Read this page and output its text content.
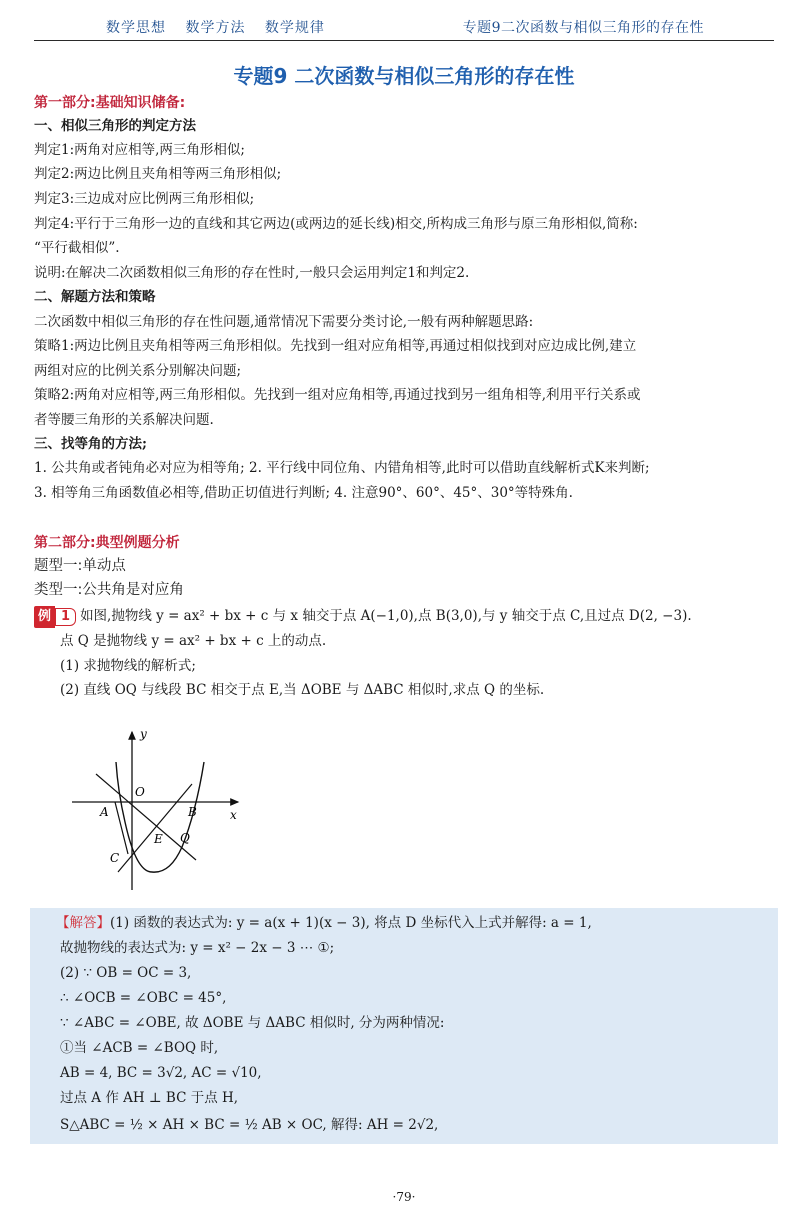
数学思想 数学方法 数学规律	专题9二次函数与相似三角形的存在性
专题9 二次函数与相似三角形的存在性
第一部分:基础知识储备:
一、相似三角形的判定方法
判定1:两角对应相等,两三角形相似;
判定2:两边比例且夹角相等两三角形相似;
判定3:三边成对应比例两三角形相似;
判定4:平行于三角形一边的直线和其它两边(或两边的延长线)相交,所构成三角形与原三角形相似,简称:
“平行截相似”.
说明:在解决二次函数相似三角形的存在性时,一般只会运用判定1和判定2.
二、解题方法和策略
二次函数中相似三角形的存在性问题,通常情况下需要分类讨论,一般有两种解题思路:
策略1:两边比例且夹角相等两三角形相似。先找到一组对应角相等,再通过相似找到对应边成比例,建立
两组对应的比例关系分别解决问题;
策略2:两角对应相等,两三角形相似。先找到一组对应角相等,再通过找到另一组角相等,利用平行关系或
者等腰三角形的关系解决问题.
三、找等角的方法;
1. 公共角或者钝角必对应为相等角; 2. 平行线中同位角、内错角相等,此时可以借助直线解析式K来判断;
3. 相等角三角函数值必相等,借助正切值进行判断; 4. 注意90°、60°、45°、30°等特殊角.
第二部分:典型例题分析
题型一:单动点
类型一:公共角是对应角
例 1 如图,抛物线 y = ax² + bx + c 与 x 轴交于点 A(−1,0),点 B(3,0),与 y 轴交于点 C,且过点 D(2, −3).
点 Q 是抛物线 y = ax² + bx + c 上的动点.
(1) 求抛物线的解析式;
(2) 直线 OQ 与线段 BC 相交于点 E,当 ΔOBE 与 ΔABC 相似时,求点 Q 的坐标.
y
x
O
A	B
C
E Q
【解答】(1) 函数的表达式为: y = a(x + 1)(x − 3), 将点 D 坐标代入上式并解得: a = 1,
故抛物线的表达式为: y = x² − 2x − 3 ⋯ ①;
(2) ∵ OB = OC = 3,
∴ ∠OCB = ∠OBC = 45°,
∵ ∠ABC = ∠OBE, 故 ΔOBE 与 ΔABC 相似时, 分为两种情况:
①当 ∠ACB = ∠BOQ 时,
AB = 4, BC = 3√2, AC = √10,
过点 A 作 AH ⊥ BC 于点 H,
S△ABC = ½ × AH × BC = ½ AB × OC, 解得: AH = 2√2,
·79·
